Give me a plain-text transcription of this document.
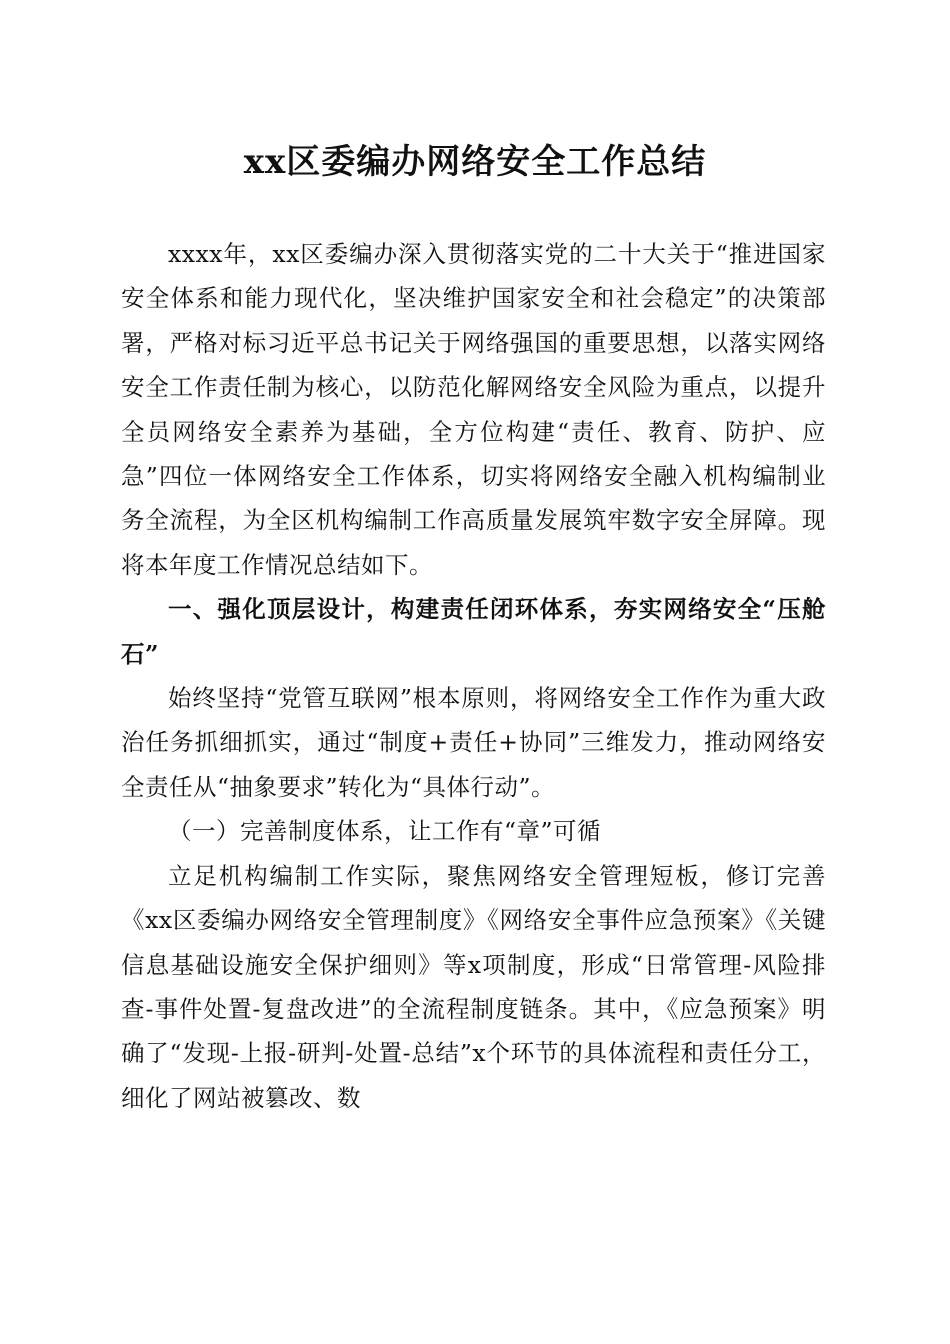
xx区委编办网络安全工作总结

xxxx年，xx区委编办深入贯彻落实党的二十大关于“推进国家安全体系和能力现代化，坚决维护国家安全和社会稳定”的决策部署，严格对标习近平总书记关于网络强国的重要思想，以落实网络安全工作责任制为核心，以防范化解网络安全风险为重点，以提升全员网络安全素养为基础，全方位构建“责任、教育、防护、应急”四位一体网络安全工作体系，切实将网络安全融入机构编制业务全流程，为全区机构编制工作高质量发展筑牢数字安全屏障。现将本年度工作情况总结如下。

一、强化顶层设计，构建责任闭环体系，夯实网络安全“压舱石”

始终坚持“党管互联网”根本原则，将网络安全工作作为重大政治任务抓细抓实，通过“制度+责任+协同”三维发力，推动网络安全责任从“抽象要求”转化为“具体行动”。

（一）完善制度体系，让工作有“章”可循

立足机构编制工作实际，聚焦网络安全管理短板，修订完善《xx区委编办网络安全管理制度》《网络安全事件应急预案》《关键信息基础设施安全保护细则》等x项制度，形成“日常管理-风险排查-事件处置-复盘改进”的全流程制度链条。其中，《应急预案》明确了“发现-上报-研判-处置-总结”x个环节的具体流程和责任分工，细化了网站被篡改、数
